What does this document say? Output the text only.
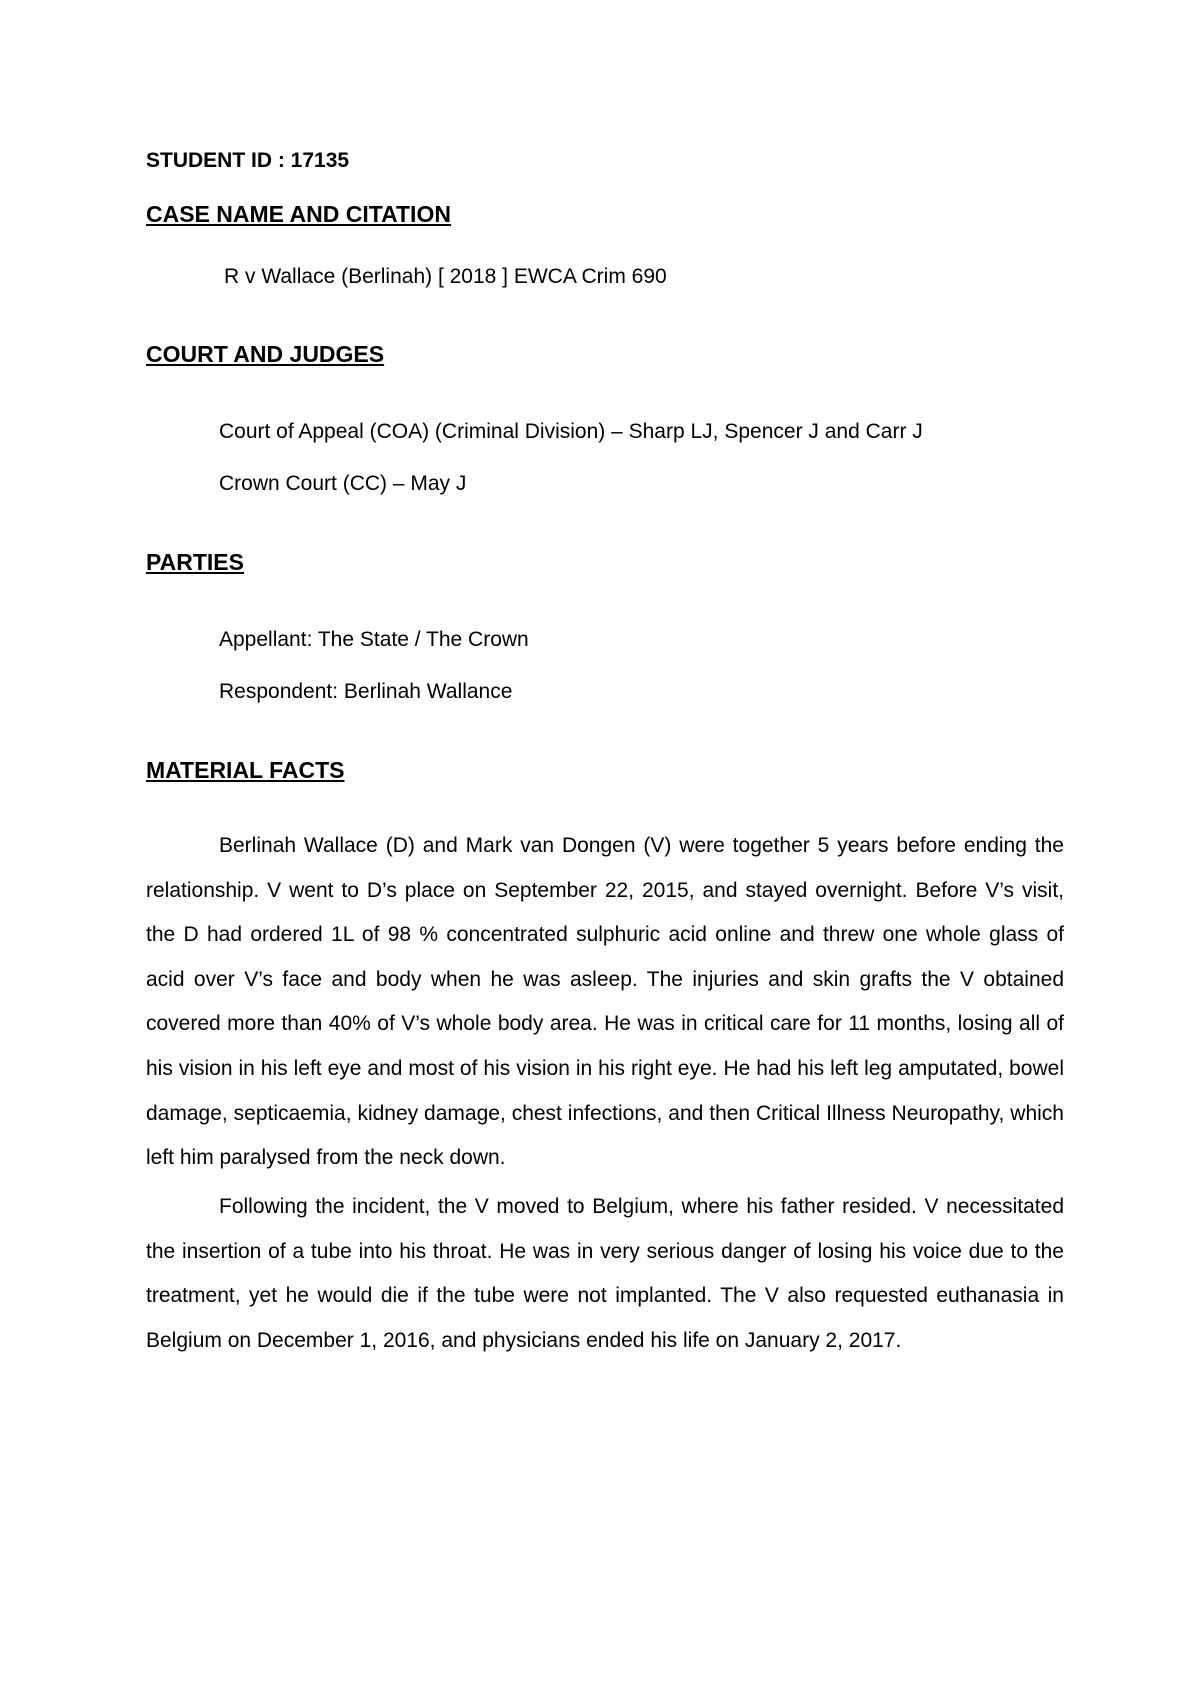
STUDENT ID : 17135
CASE NAME AND CITATION
R v Wallace (Berlinah) [ 2018 ] EWCA Crim 690
COURT AND JUDGES
Court of Appeal (COA) (Criminal Division) – Sharp LJ, Spencer J and Carr J
Crown Court (CC) – May J
PARTIES
Appellant: The State / The Crown
Respondent: Berlinah Wallance
MATERIAL FACTS

Berlinah Wallace (D) and Mark van Dongen (V) were together 5 years before ending the relationship. V went to D’s place on September 22, 2015, and stayed overnight. Before V’s visit, the D had ordered 1L of 98 % concentrated sulphuric acid online and threw one whole glass of acid over V’s face and body when he was asleep. The injuries and skin grafts the V obtained covered more than 40% of V’s whole body area. He was in critical care for 11 months, losing all of his vision in his left eye and most of his vision in his right eye. He had his left leg amputated, bowel damage, septicaemia, kidney damage, chest infections, and then Critical Illness Neuropathy, which left him paralysed from the neck down.

Following the incident, the V moved to Belgium, where his father resided. V necessitated the insertion of a tube into his throat. He was in very serious danger of losing his voice due to the treatment, yet he would die if the tube were not implanted. The V also requested euthanasia in Belgium on December 1, 2016, and physicians ended his life on January 2, 2017.
